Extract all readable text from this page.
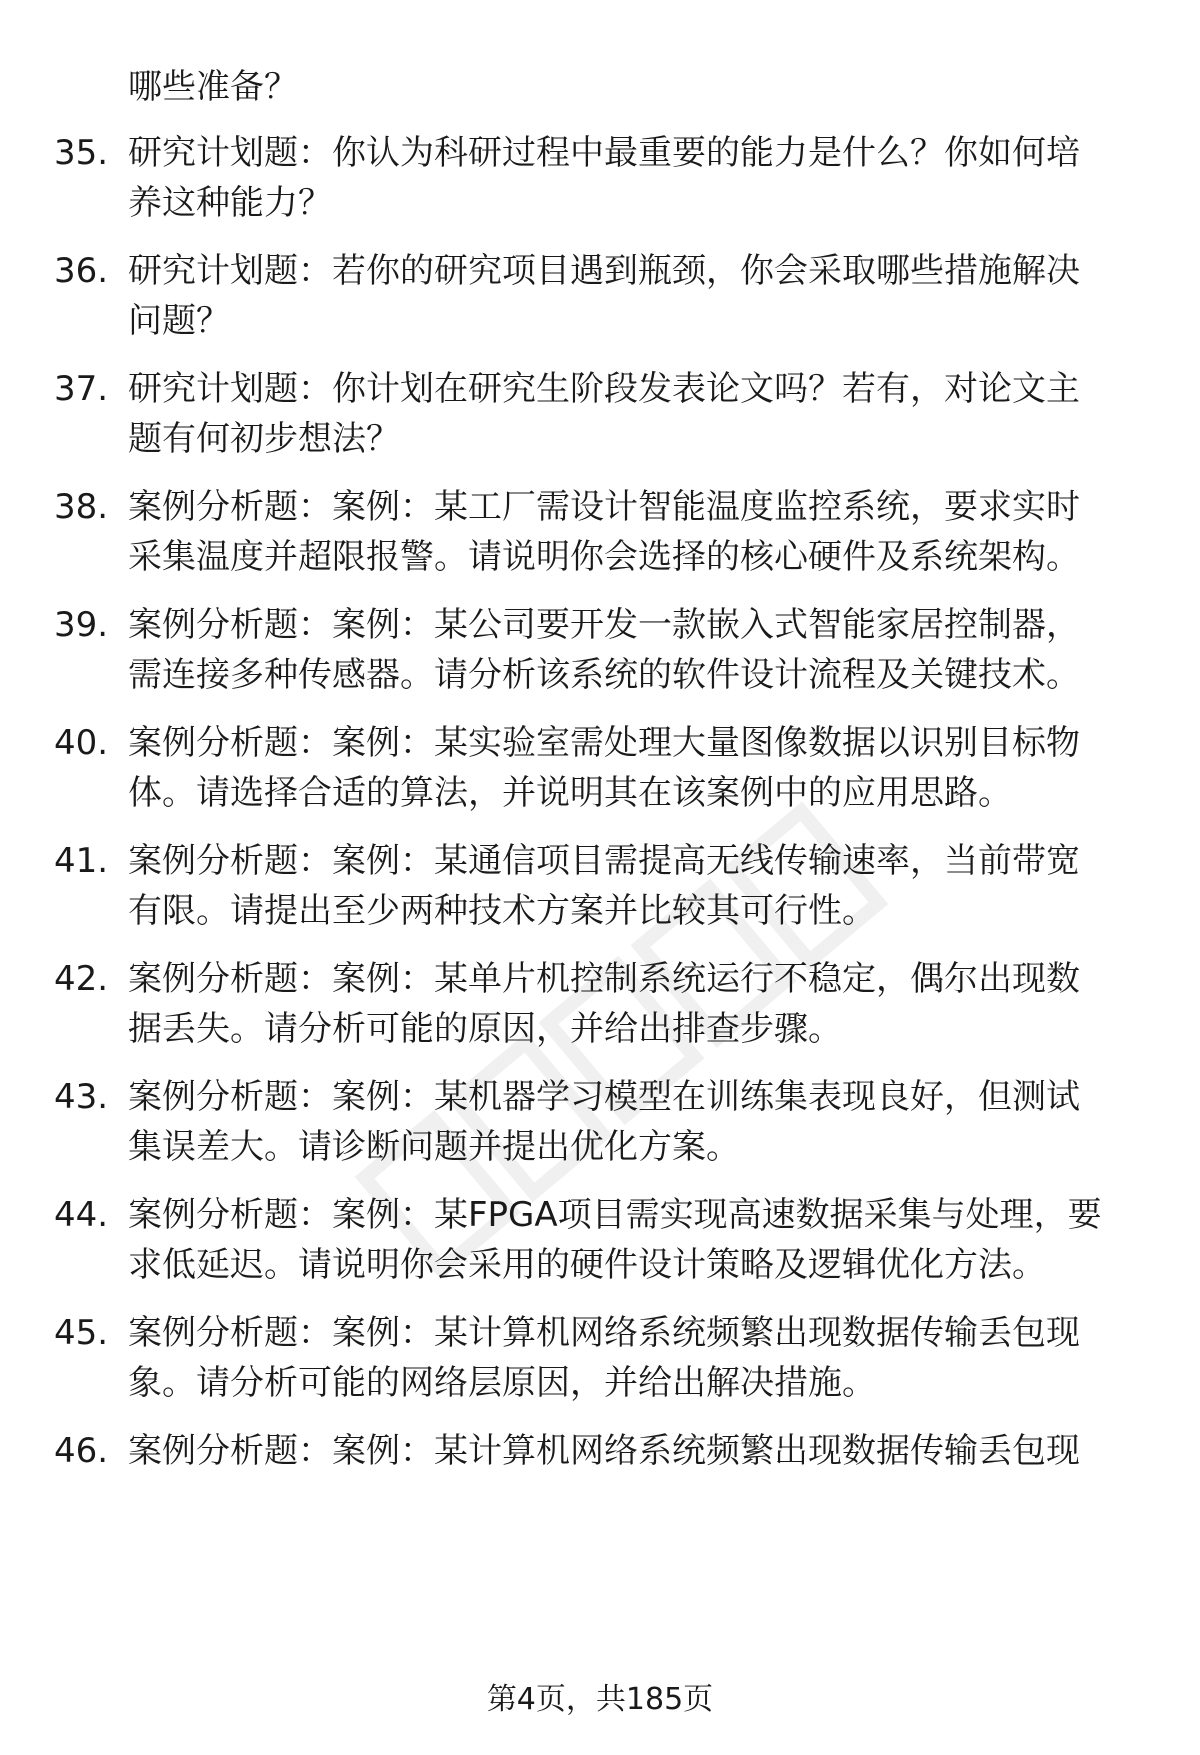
哪些准备？
35. 研究计划题：你认为科研过程中最重要的能力是什么？你如何培
养这种能力？
36. 研究计划题：若你的研究项目遇到瓶颈，你会采取哪些措施解决
问题？
37. 研究计划题：你计划在研究生阶段发表论文吗？若有，对论文主
题有何初步想法？
38. 案例分析题：案例：某工厂需设计智能温度监控系统，要求实时
采集温度并超限报警。请说明你会选择的核心硬件及系统架构。
39. 案例分析题：案例：某公司要开发一款嵌入式智能家居控制器，
需连接多种传感器。请分析该系统的软件设计流程及关键技术。
40. 案例分析题：案例：某实验室需处理大量图像数据以识别目标物
体。请选择合适的算法，并说明其在该案例中的应用思路。
41. 案例分析题：案例：某通信项目需提高无线传输速率，当前带宽
有限。请提出至少两种技术方案并比较其可行性。
42. 案例分析题：案例：某单片机控制系统运行不稳定，偶尔出现数
据丢失。请分析可能的原因，并给出排查步骤。
43. 案例分析题：案例：某机器学习模型在训练集表现良好，但测试
集误差大。请诊断问题并提出优化方案。
44. 案例分析题：案例：某FPGA项目需实现高速数据采集与处理，要
求低延迟。请说明你会采用的硬件设计策略及逻辑优化方法。
45. 案例分析题：案例：某计算机网络系统频繁出现数据传输丢包现
象。请分析可能的网络层原因，并给出解决措施。
46. 案例分析题：案例：某计算机网络系统频繁出现数据传输丢包现
第4页，共185页
